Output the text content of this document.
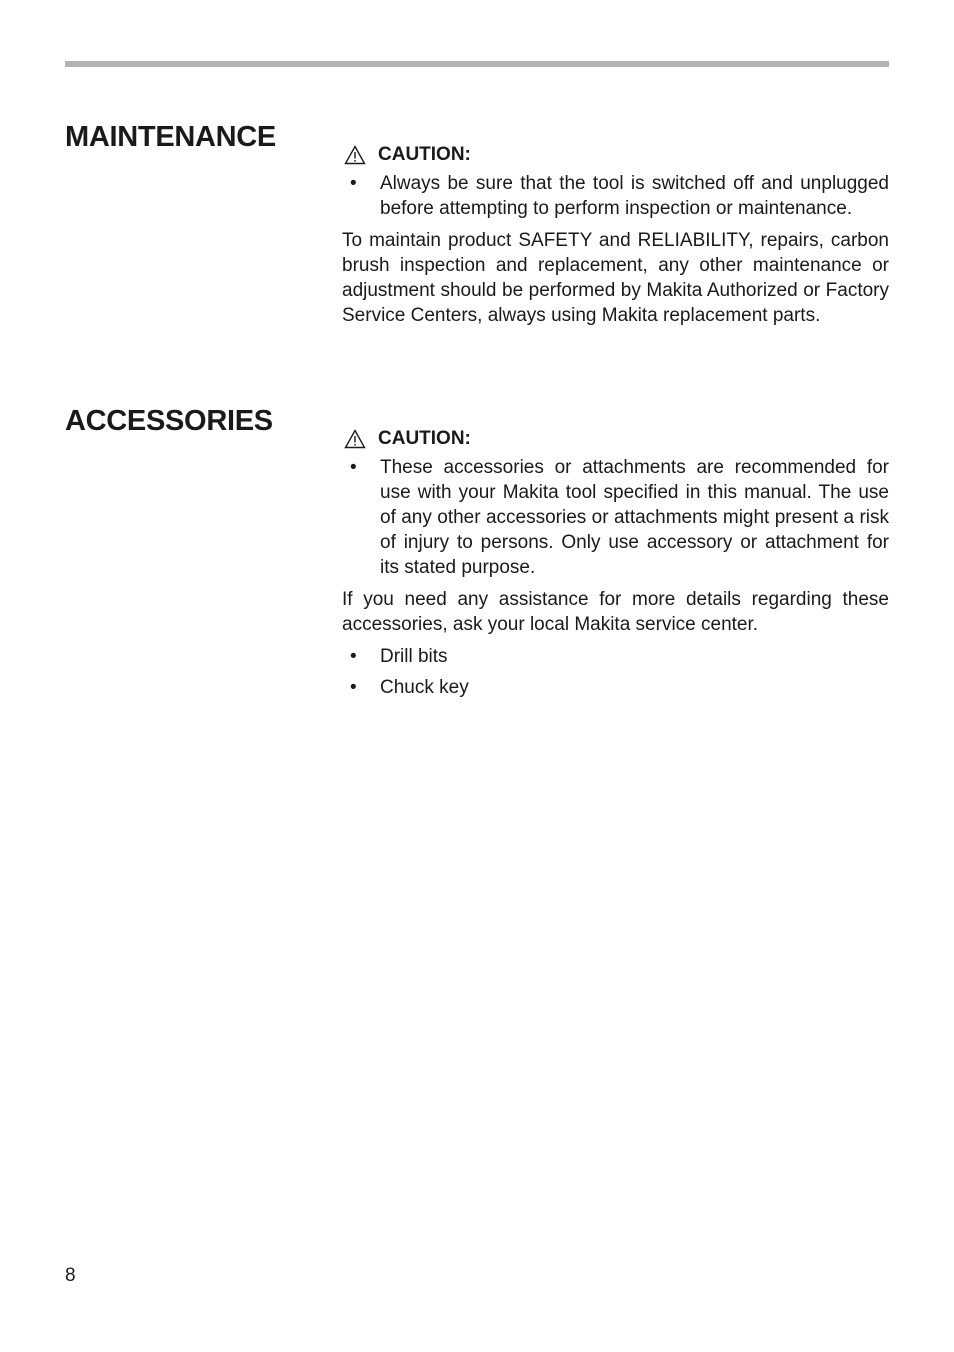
MAINTENANCE
CAUTION:
• Always be sure that the tool is switched off and unplugged before attempting to perform inspection or maintenance.
To maintain product SAFETY and RELIABILITY, repairs, carbon brush inspection and replacement, any other maintenance or adjustment should be performed by Makita Authorized or Factory Service Centers, always using Makita replacement parts.
ACCESSORIES
CAUTION:
• These accessories or attachments are recommended for use with your Makita tool specified in this manual. The use of any other accessories or attachments might present a risk of injury to persons. Only use accessory or attachment for its stated purpose.
If you need any assistance for more details regarding these accessories, ask your local Makita service center.
• Drill bits
• Chuck key
8
